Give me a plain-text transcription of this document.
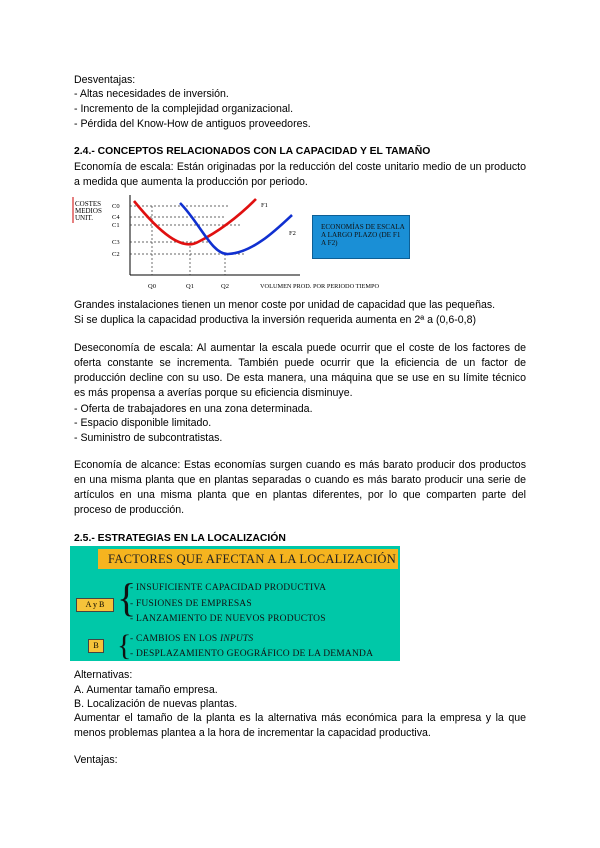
Desventajas:
- Altas necesidades de inversión.
- Incremento de la complejidad organizacional.
- Pérdida del Know-How de antiguos proveedores.
2.4.- CONCEPTOS RELACIONADOS CON LA CAPACIDAD Y EL TAMAÑO
Economía de escala: Están originadas por la reducción del coste unitario medio de un producto a medida que aumenta la producción por periodo.
COSTES
MEDIOS
UNIT.
C0
C4
C1
C3
C2
F1
Q0	Q1	Q2	VOLUMEN PROD. POR PERIODO TIEMPO
F2
ECONOMÍAS DE ESCALA A LARGO PLAZO (DE F1 A F2)
Grandes instalaciones tienen un menor coste por unidad de capacidad que las pequeñas.
Si se duplica la capacidad productiva la inversión requerida aumenta en 2ª a (0,6-0,8)
Deseconomía de escala: Al aumentar la escala puede ocurrir que el coste de los factores de oferta constante se incrementa. También puede ocurrir que la eficiencia de un factor de producción decline con su uso. De esta manera, una máquina que se use en su límite técnico es más propensa a averías porque su eficiencia disminuye.
- Oferta de trabajadores en una zona determinada.
- Espacio disponible limitado.
- Suministro de subcontratistas.
Economía de alcance: Estas economías surgen cuando es más barato producir dos productos en una misma planta que en plantas separadas o cuando es más barato producir una serie de artículos en una misma planta que en plantas diferentes, por lo que comparten parte del proceso de producción.
2.5.- ESTRATEGIAS EN LA LOCALIZACIÓN
FACTORES QUE AFECTAN A LA LOCALIZACIÓN
A y B {
- INSUFICIENTE CAPACIDAD PRODUCTIVA
- FUSIONES DE EMPRESAS
- LANZAMIENTO DE NUEVOS PRODUCTOS
B {
- CAMBIOS EN LOS INPUTS
- DESPLAZAMIENTO GEOGRÁFICO DE LA DEMANDA
Alternativas:
A. Aumentar tamaño empresa.
B. Localización de nuevas plantas.
Aumentar el tamaño de la planta es la alternativa más económica para la empresa y la que menos problemas plantea a la hora de incrementar la capacidad productiva.
Ventajas:
